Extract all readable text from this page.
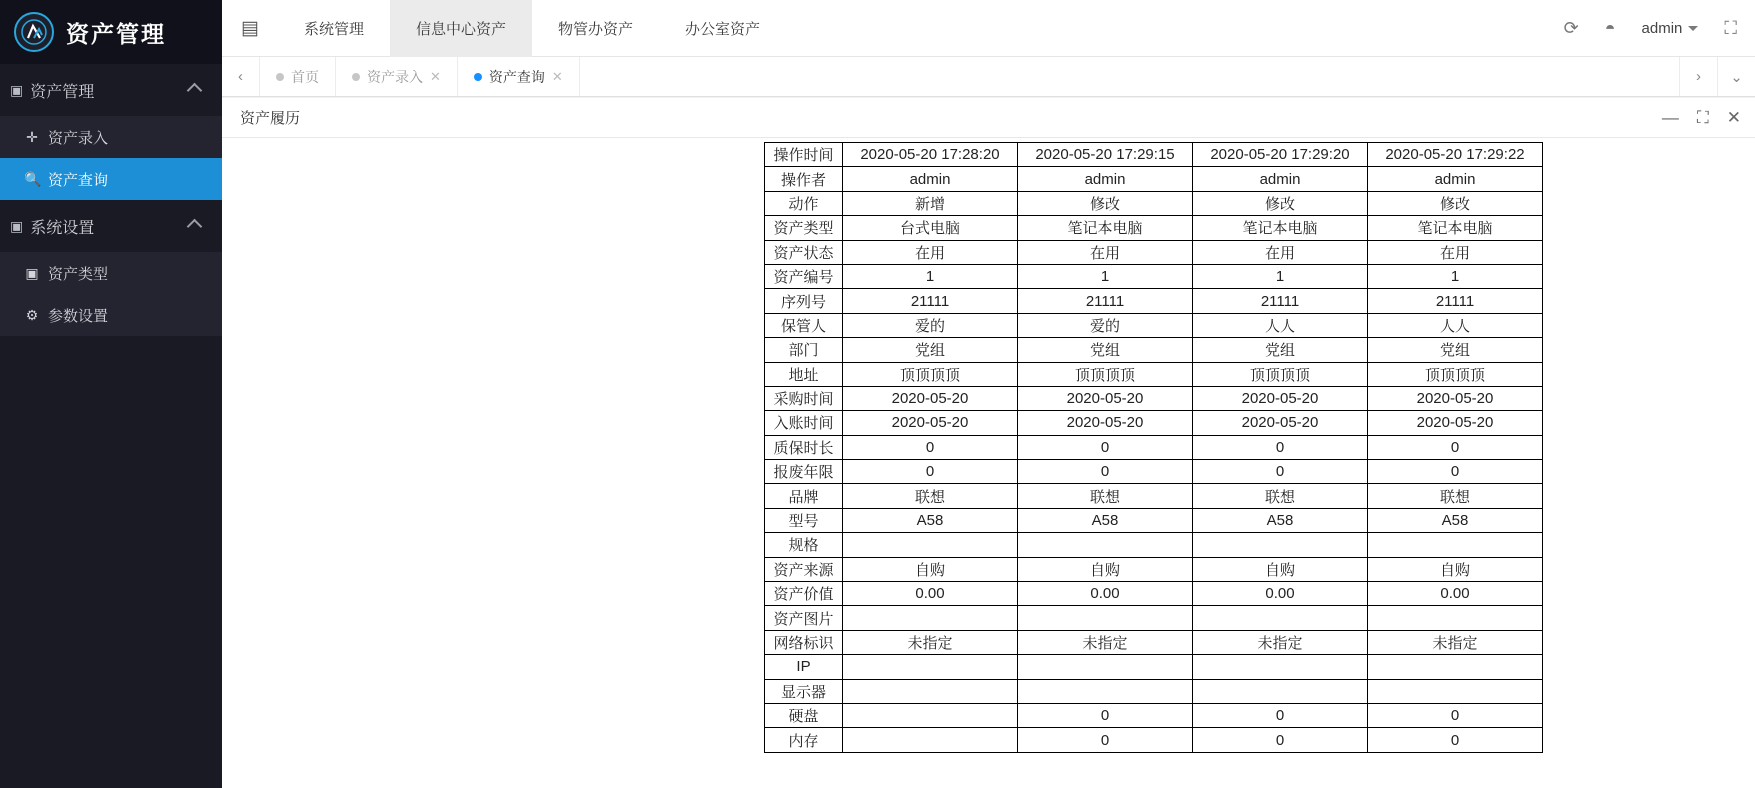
资产管理
▣ 资产管理
✛ 资产录入
🔍 资产查询
▣ 系统设置
▣ 资产类型
⚙ 参数设置
▤	系统管理	信息中心资产	物管办资产	办公室资产	⟳ ◓ admin ⛶
‹	首页	资产录入 ✕	资产查询 ✕	›	⌄
资产履历	— ⛶ ✕
操作时间	2020-05-20 17:28:20	2020-05-20 17:29:15	2020-05-20 17:29:20	2020-05-20 17:29:22
操作者	admin	admin	admin	admin
动作	新增	修改	修改	修改
资产类型	台式电脑	笔记本电脑	笔记本电脑	笔记本电脑
资产状态	在用	在用	在用	在用
资产编号	1	1	1	1
序列号	21111	21111	21111	21111
保管人	爱的	爱的	人人	人人
部门	党组	党组	党组	党组
地址	顶顶顶顶	顶顶顶顶	顶顶顶顶	顶顶顶顶
采购时间	2020-05-20	2020-05-20	2020-05-20	2020-05-20
入账时间	2020-05-20	2020-05-20	2020-05-20	2020-05-20
质保时长	0	0	0	0
报废年限	0	0	0	0
品牌	联想	联想	联想	联想
型号	A58	A58	A58	A58
规格				
资产来源	自购	自购	自购	自购
资产价值	0.00	0.00	0.00	0.00
资产图片				
网络标识	未指定	未指定	未指定	未指定
IP				
显示器				
硬盘		0	0	0
内存		0	0	0
